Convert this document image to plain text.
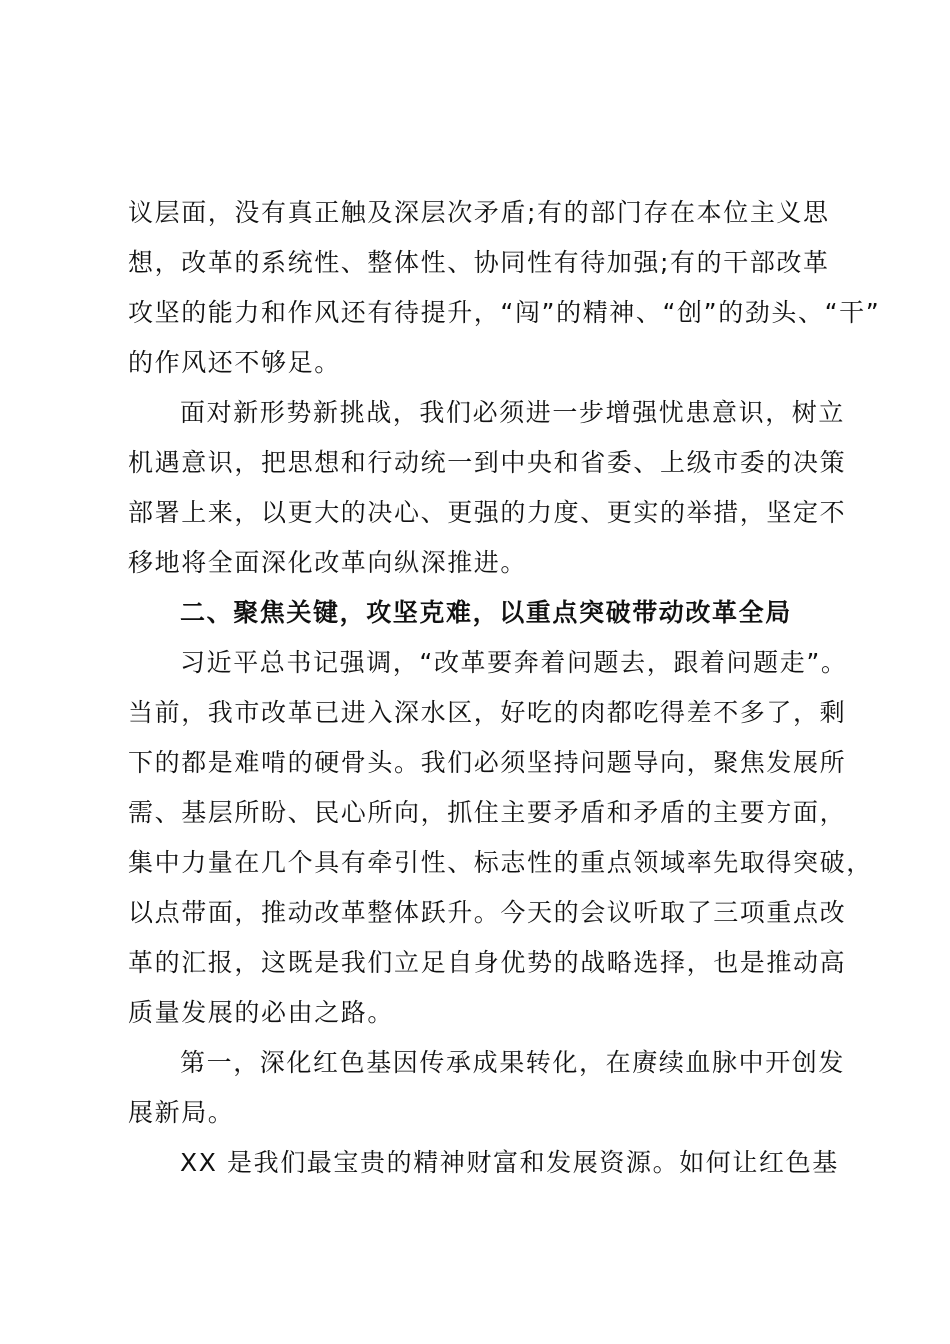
议层面，没有真正触及深层次矛盾;有的部门存在本位主义思
想，改革的系统性、整体性、协同性有待加强;有的干部改革
攻坚的能力和作风还有待提升，“闯”的精神、“创”的劲头、“干”
的作风还不够足。
面对新形势新挑战，我们必须进一步增强忧患意识，树立
机遇意识，把思想和行动统一到中央和省委、上级市委的决策
部署上来，以更大的决心、更强的力度、更实的举措，坚定不
移地将全面深化改革向纵深推进。
二、聚焦关键，攻坚克难，以重点突破带动改革全局
习近平总书记强调，“改革要奔着问题去，跟着问题走”。
当前，我市改革已进入深水区，好吃的肉都吃得差不多了，剩
下的都是难啃的硬骨头。我们必须坚持问题导向，聚焦发展所
需、基层所盼、民心所向，抓住主要矛盾和矛盾的主要方面，
集中力量在几个具有牵引性、标志性的重点领域率先取得突破，
以点带面，推动改革整体跃升。今天的会议听取了三项重点改
革的汇报，这既是我们立足自身优势的战略选择，也是推动高
质量发展的必由之路。
第一，深化红色基因传承成果转化，在赓续血脉中开创发
展新局。
XX 是我们最宝贵的精神财富和发展资源。如何让红色基
